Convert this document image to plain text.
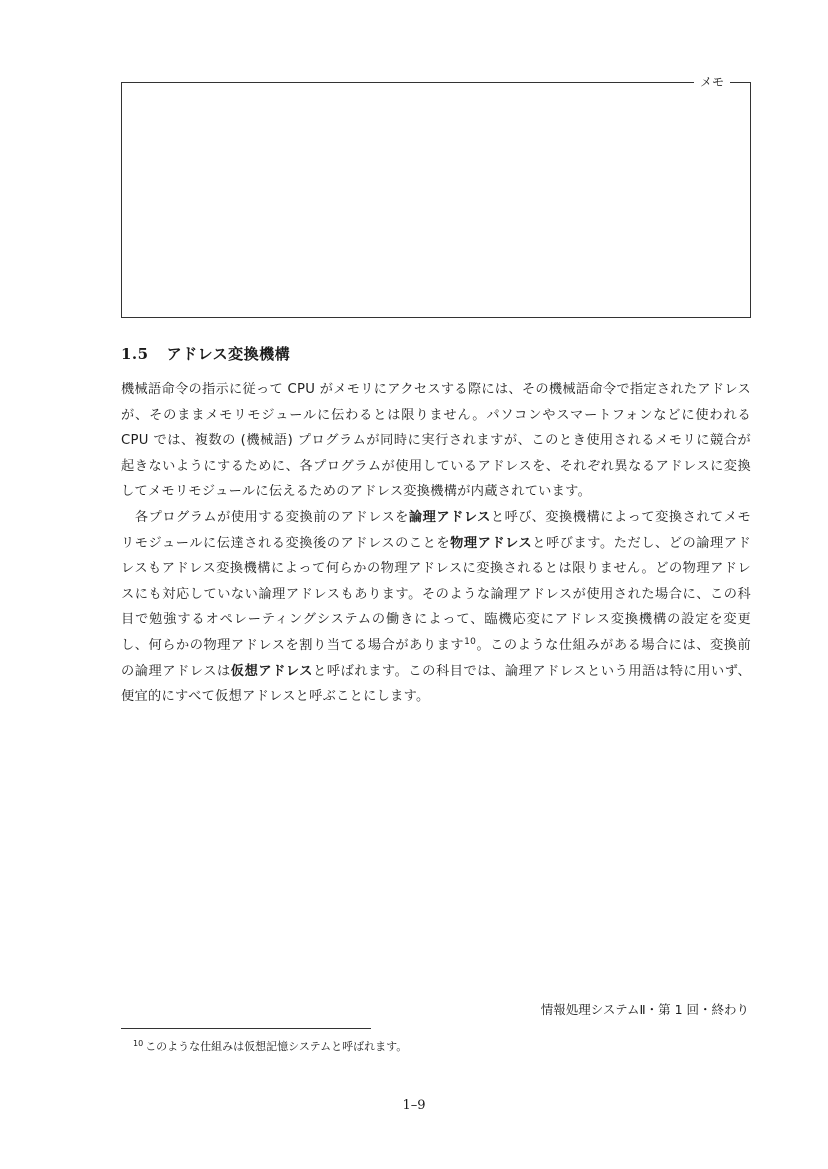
メモ
1.5 アドレス変換機構

機械語命令の指示に従って CPU がメモリにアクセスする際には、その機械語命令で指定されたアドレスが、そのままメモリモジュールに伝わるとは限りません。パソコンやスマートフォンなどに使われる CPU では、複数の (機械語) プログラムが同時に実行されますが、このとき使用されるメモリに競合が起きないようにするために、各プログラムが使用しているアドレスを、それぞれ異なるアドレスに変換してメモリモジュールに伝えるためのアドレス変換機構が内蔵されています。

各プログラムが使用する変換前のアドレスを論理アドレスと呼び、変換機構によって変換されてメモリモジュールに伝達される変換後のアドレスのことを物理アドレスと呼びます。ただし、どの論理アドレスもアドレス変換機構によって何らかの物理アドレスに変換されるとは限りません。どの物理アドレスにも対応していない論理アドレスもあります。そのような論理アドレスが使用された場合に、この科目で勉強するオペレーティングシステムの働きによって、臨機応変にアドレス変換機構の設定を変更し、何らかの物理アドレスを割り当てる場合があります$^{10}$。このような仕組みがある場合には、変換前の論理アドレスは仮想アドレスと呼ばれます。この科目では、論理アドレスという用語は特に用いず、便宜的にすべて仮想アドレスと呼ぶことにします。

情報処理システムⅡ・第 1 回・終わり
$^{10}$ このような仕組みは仮想記憶システムと呼ばれます。
1–9
